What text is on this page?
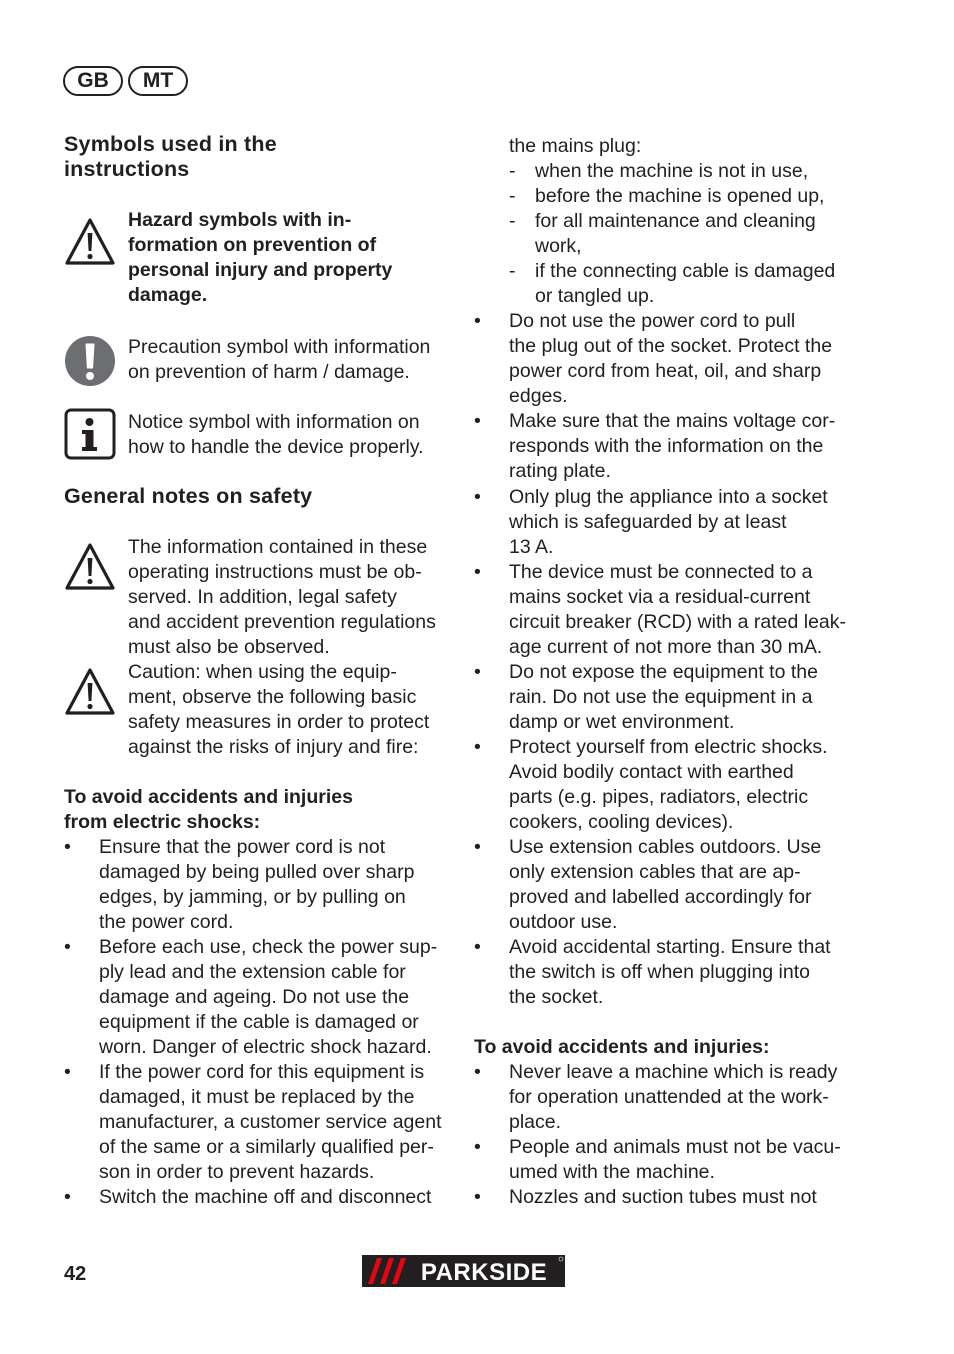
GB	MT
Symbols used in the
instructions
Hazard symbols with in-
formation on prevention of
personal injury and property
damage.
Precaution symbol with information
on prevention of harm / damage.
Notice symbol with information on
how to handle the device properly.
General notes on safety
The information contained in these
operating instructions must be ob-
served. In addition, legal safety
and accident prevention regulations
must also be observed.
Caution: when using the equip-
ment, observe the following basic
safety measures in order to protect
against the risks of injury and fire:
To avoid accidents and injuries
from electric shocks:
•	Ensure that the power cord is not
damaged by being pulled over sharp
edges, by jamming, or by pulling on
the power cord.
•	Before each use, check the power sup-
ply lead and the extension cable for
damage and ageing. Do not use the
equipment if the cable is damaged or
worn. Danger of electric shock hazard.
•	If the power cord for this equipment is
damaged, it must be replaced by the
manufacturer, a customer service agent
of the same or a similarly qualified per-
son in order to prevent hazards.
•	Switch the machine off and disconnect
the mains plug:
- when the machine is not in use,
- before the machine is opened up,
- for all maintenance and cleaning
work,
- if the connecting cable is damaged
or tangled up.
•	Do not use the power cord to pull
the plug out of the socket. Protect the
power cord from heat, oil, and sharp
edges.
•	Make sure that the mains voltage cor-
responds with the information on the
rating plate.
•	Only plug the appliance into a socket
which is safeguarded by at least
13 A.
•	The device must be connected to a
mains socket via a residual-current
circuit breaker (RCD) with a rated leak-
age current of not more than 30 mA.
•	Do not expose the equipment to the
rain. Do not use the equipment in a
damp or wet environment.
•	Protect yourself from electric shocks.
Avoid bodily contact with earthed
parts (e.g. pipes, radiators, electric
cookers, cooling devices).
•	Use extension cables outdoors. Use
only extension cables that are ap-
proved and labelled accordingly for
outdoor use.
•	Avoid accidental starting. Ensure that
the switch is off when plugging into
the socket.
To avoid accidents and injuries:
•	Never leave a machine which is ready
for operation unattended at the work-
place.
•	People and animals must not be vacu-
umed with the machine.
•	Nozzles and suction tubes must not
42	PARKSIDE
